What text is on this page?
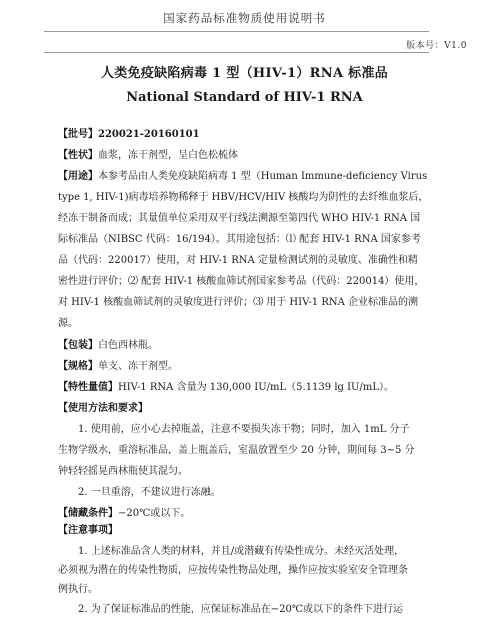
国家药品标准物质使用说明书
版本号：V1.0
人类免疫缺陷病毒 1 型（HIV-1）RNA 标准品
National Standard of HIV-1 RNA
【批号】220021-20160101
【性状】血浆，冻干剂型，呈白色松梳体
【用途】本参考品由人类免疫缺陷病毒 1 型（Human Immune-deficiency Virus
type 1, HIV-1)病毒培养物稀释于 HBV/HCV/HIV 核酸均为阴性的去纤维血浆后，
经冻干制备而成；其量值单位采用双平行线法溯源至第四代 WHO HIV-1 RNA 国
际标准品（NIBSC 代码：16/194）。其用途包括：⑴ 配套 HIV-1 RNA 国家参考
品（代码：220017）使用，对 HIV-1 RNA 定量检测试剂的灵敏度、准确性和精
密性进行评价；⑵ 配套 HIV-1 核酸血筛试剂国家参考品（代码：220014）使用，
对 HIV-1 核酸血筛试剂的灵敏度进行评价；⑶ 用于 HIV-1 RNA 企业标准品的溯
源。
【包装】白色西林瓶。
【规格】单支、冻干剂型。
【特性量值】HIV-1 RNA 含量为 130,000 IU/mL（5.1139 lg IU/mL）。
【使用方法和要求】
1. 使用前，应小心去掉瓶盖，注意不要损失冻干物；同时，加入 1mL 分子
生物学级水，重溶标准品，盖上瓶盖后，室温放置至少 20 分钟，期间每 3~5 分
钟轻轻摇晃西林瓶使其混匀。
2. 一旦重溶，不建议进行冻融。
【储藏条件】−20℃或以下。
【注意事项】
1. 上述标准品含人类的材料，并且/或潜藏有传染性成分。未经灭活处理，
必须视为潜在的传染性物质，应按传染性物品处理，操作应按实验室安全管理条
例执行。
2. 为了保证标准品的性能，应保证标准品在−20℃或以下的条件下进行运
